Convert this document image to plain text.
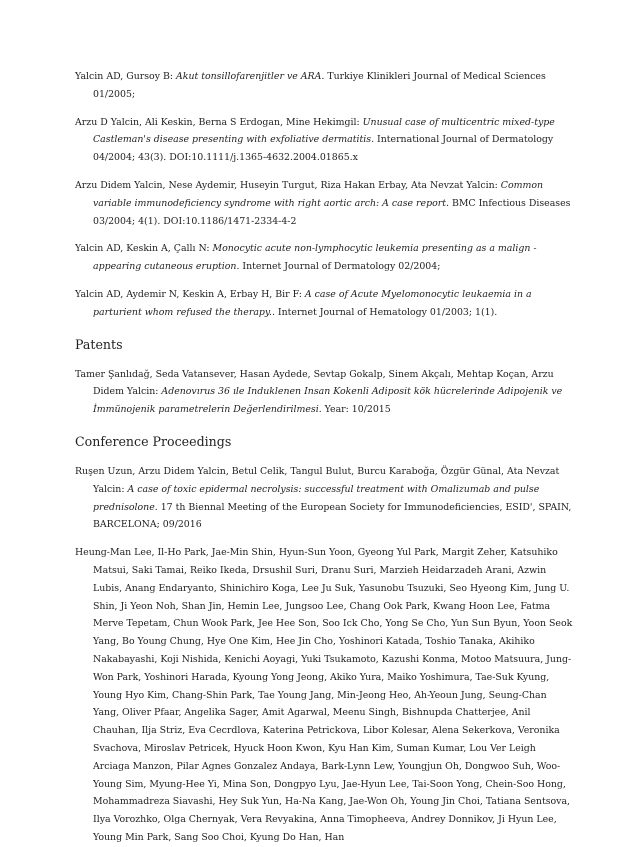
Yalcin AD, Gursoy B: Akut tonsillofarenjitler ve ARA. Turkiye Klinikleri Journal of Medical Sciences 01/2005;

Arzu D Yalcin, Ali Keskin, Berna S Erdogan, Mine Hekimgil: Unusual case of multicentric mixed-type Castleman's disease presenting with exfoliative dermatitis. International Journal of Dermatology 04/2004; 43(3). DOI:10.1111/j.1365-4632.2004.01865.x

Arzu Didem Yalcin, Nese Aydemir, Huseyin Turgut, Riza Hakan Erbay, Ata Nevzat Yalcin: Common variable immunodeficiency syndrome with right aortic arch: A case report. BMC Infectious Diseases 03/2004; 4(1). DOI:10.1186/1471-2334-4-2

Yalcin AD, Keskin A, Çallı N: Monocytic acute non-lymphocytic leukemia presenting as a malign -appearing cutaneous eruption. Internet Journal of Dermatology 02/2004;

Yalcin AD, Aydemir N, Keskin A, Erbay H, Bir F: A case of Acute Myelomonocytic leukaemia in a parturient whom refused the therapy.. Internet Journal of Hematology 01/2003; 1(1).

Patents

Tamer Şanlıdağ, Seda Vatansever, Hasan Aydede, Sevtap Gokalp, Sinem Akçalı, Mehtap Koçan, Arzu Didem Yalcin: Adenovırus 36 ıle Induklenen Insan Kokenli Adiposit kök hücrelerinde Adipojenik ve İmmünojenik parametrelerin Değerlendirilmesi. Year: 10/2015

Conference Proceedings

Ruşen Uzun, Arzu Didem Yalcin, Betul Celik, Tangul Bulut, Burcu Karaboğa, Özgür Günal, Ata Nevzat Yalcin: A case of toxic epidermal necrolysis: successful treatment with Omalizumab and pulse prednisolone. 17 th Biennal Meeting of the European Society for Immunodeficiencies, ESID', SPAIN, BARCELONA; 09/2016

Heung-Man Lee, Il-Ho Park, Jae-Min Shin, Hyun-Sun Yoon, Gyeong Yul Park, Margit Zeher, Katsuhiko Matsui, Saki Tamai, Reiko Ikeda, Drsushil Suri, Dranu Suri, Marzieh Heidarzadeh Arani, Azwin Lubis, Anang Endaryanto, Shinichiro Koga, Lee Ju Suk, Yasunobu Tsuzuki, Seo Hyeong Kim, Jung U. Shin, Ji Yeon Noh, Shan Jin, Hemin Lee, Jungsoo Lee, Chang Ook Park, Kwang Hoon Lee, Fatma Merve Tepetam, Chun Wook Park, Jee Hee Son, Soo Ick Cho, Yong Se Cho, Yun Sun Byun, Yoon Seok Yang, Bo Young Chung, Hye One Kim, Hee Jin Cho, Yoshinori Katada, Toshio Tanaka, Akihiko Nakabayashi, Koji Nishida, Kenichi Aoyagi, Yuki Tsukamoto, Kazushi Konma, Motoo Matsuura, Jung-Won Park, Yoshinori Harada, Kyoung Yong Jeong, Akiko Yura, Maiko Yoshimura, Tae-Suk Kyung, Young Hyo Kim, Chang-Shin Park, Tae Young Jang, Min-Jeong Heo, Ah-Yeoun Jung, Seung-Chan Yang, Oliver Pfaar, Angelika Sager, Amit Agarwal, Meenu Singh, Bishnupda Chatterjee, Anil Chauhan, Ilja Striz, Eva Cecrdlova, Katerina Petrickova, Libor Kolesar, Alena Sekerkova, Veronika Svachova, Miroslav Petricek, Hyuck Hoon Kwon, Kyu Han Kim, Suman Kumar, Lou Ver Leigh Arciaga Manzon, Pilar Agnes Gonzalez Andaya, Bark-Lynn Lew, Youngjun Oh, Dongwoo Suh, Woo-Young Sim, Myung-Hee Yi, Mina Son, Dongpyo Lyu, Jae-Hyun Lee, Tai-Soon Yong, Chein-Soo Hong, Mohammadreza Siavashi, Hey Suk Yun, Ha-Na Kang, Jae-Won Oh, Young Jin Choi, Tatiana Sentsova, Ilya Vorozhko, Olga Chernyak, Vera Revyakina, Anna Timopheeva, Andrey Donnikov, Ji Hyun Lee, Young Min Park, Sang Soo Choi, Kyung Do Han, Han
